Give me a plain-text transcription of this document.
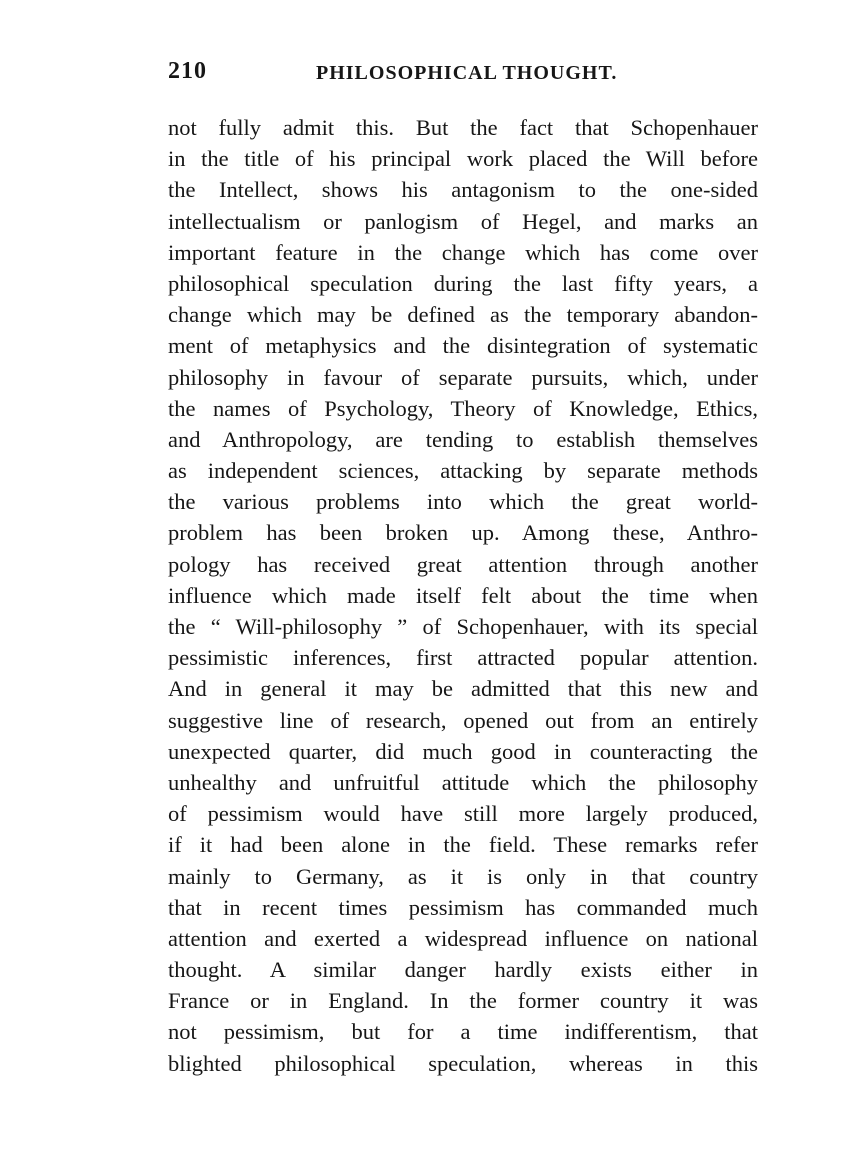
210	PHILOSOPHICAL THOUGHT.
not fully admit this. But the fact that Schopenhauer
in the title of his principal work placed the Will before
the Intellect, shows his antagonism to the one-sided
intellectualism or panlogism of Hegel, and marks an
important feature in the change which has come over
philosophical speculation during the last fifty years, a
change which may be defined as the temporary abandon-
ment of metaphysics and the disintegration of systematic
philosophy in favour of separate pursuits, which, under
the names of Psychology, Theory of Knowledge, Ethics,
and Anthropology, are tending to establish themselves
as independent sciences, attacking by separate methods
the various problems into which the great world-
problem has been broken up. Among these, Anthro-
pology has received great attention through another
influence which made itself felt about the time when
the “ Will-philosophy ” of Schopenhauer, with its special
pessimistic inferences, first attracted popular attention.
And in general it may be admitted that this new and
suggestive line of research, opened out from an entirely
unexpected quarter, did much good in counteracting the
unhealthy and unfruitful attitude which the philosophy
of pessimism would have still more largely produced,
if it had been alone in the field. These remarks refer
mainly to Germany, as it is only in that country
that in recent times pessimism has commanded much
attention and exerted a widespread influence on national
thought. A similar danger hardly exists either in
France or in England. In the former country it was
not pessimism, but for a time indifferentism, that
blighted philosophical speculation, whereas in this
